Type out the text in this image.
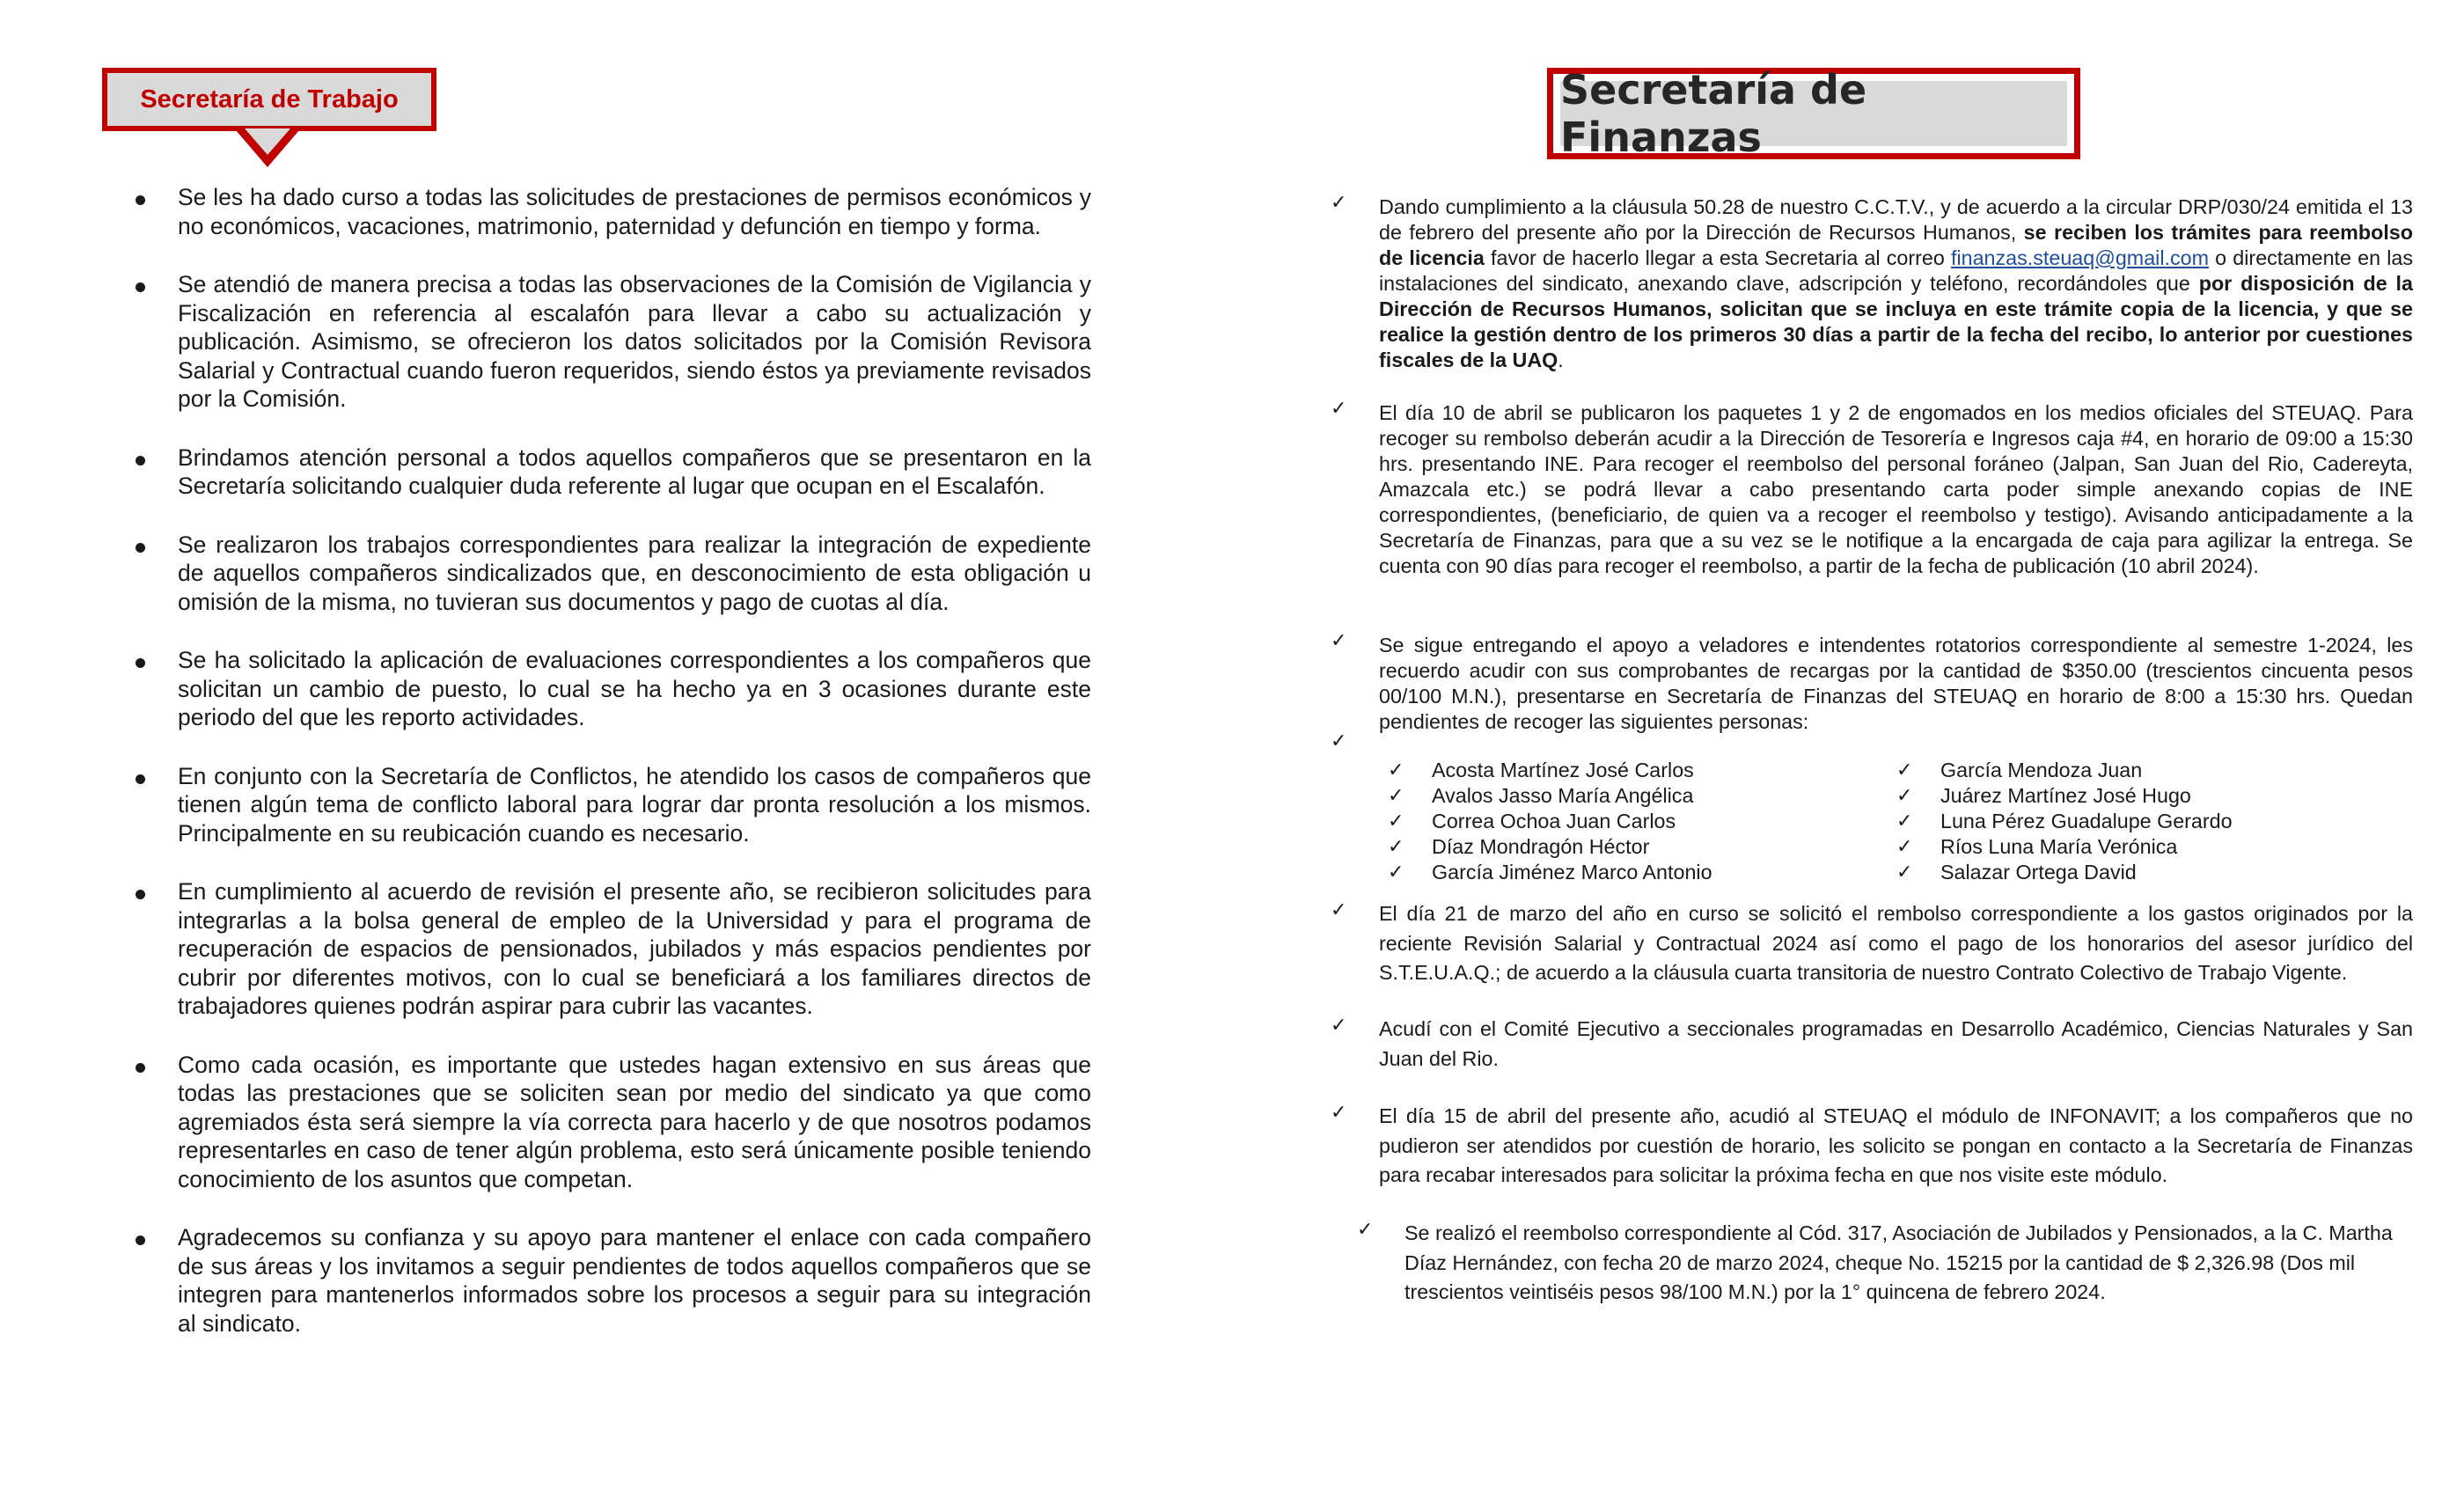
Secretaría de Trabajo
Se les ha dado curso a todas las solicitudes de prestaciones de permisos económicos y no económicos, vacaciones, matrimonio, paternidad y defunción en tiempo y forma.
Se atendió de manera precisa a todas las observaciones de la Comisión de Vigilancia y Fiscalización en referencia al escalafón para llevar a cabo su actualización y publicación. Asimismo, se ofrecieron los datos solicitados por la Comisión Revisora Salarial y Contractual cuando fueron requeridos, siendo éstos ya previamente revisados por la Comisión.
Brindamos atención personal a todos aquellos compañeros que se presentaron en la Secretaría solicitando cualquier duda referente al lugar que ocupan en el Escalafón.
Se realizaron los trabajos correspondientes para realizar la integración de expediente de aquellos compañeros sindicalizados que, en desconocimiento de esta obligación u omisión de la misma, no tuvieran sus documentos y pago de cuotas al día.
Se ha solicitado la aplicación de evaluaciones correspondientes a los compañeros que solicitan un cambio de puesto, lo cual se ha hecho ya en 3 ocasiones durante este periodo del que les reporto actividades.
En conjunto con la Secretaría de Conflictos, he atendido los casos de compañeros que tienen algún tema de conflicto laboral para lograr dar pronta resolución a los mismos. Principalmente en su reubicación cuando es necesario.
En cumplimiento al acuerdo de revisión el presente año, se recibieron solicitudes para integrarlas a la bolsa general de empleo de la Universidad y para el programa de recuperación de espacios de pensionados, jubilados y más espacios pendientes por cubrir por diferentes motivos, con lo cual se beneficiará a los familiares directos de trabajadores quienes podrán aspirar para cubrir las vacantes.
Como cada ocasión, es importante que ustedes hagan extensivo en sus áreas que todas las prestaciones que se soliciten sean por medio del sindicato ya que como agremiados ésta será siempre la vía correcta para hacerlo y de que nosotros podamos representarles en caso de tener algún problema, esto será únicamente posible teniendo conocimiento de los asuntos que competan.
Agradecemos su confianza y su apoyo para mantener el enlace con cada compañero de sus áreas y los invitamos a seguir pendientes de todos aquellos compañeros que se integren para mantenerlos informados sobre los procesos a seguir para su integración al sindicato.
Secretaría de Finanzas
✓ Dando cumplimiento a la cláusula 50.28 de nuestro C.C.T.V., y de acuerdo a la circular DRP/030/24 emitida el 13 de febrero del presente año por la Dirección de Recursos Humanos, se reciben los trámites para reembolso de licencia favor de hacerlo llegar a esta Secretaria al correo finanzas.steuaq@gmail.com o directamente en las instalaciones del sindicato, anexando clave, adscripción y teléfono, recordándoles que por disposición de la Dirección de Recursos Humanos, solicitan que se incluya en este trámite copia de la licencia, y que se realice la gestión dentro de los primeros 30 días a partir de la fecha del recibo, lo anterior por cuestiones fiscales de la UAQ.
✓ El día 10 de abril se publicaron los paquetes 1 y 2 de engomados en los medios oficiales del STEUAQ. Para recoger su rembolso deberán acudir a la Dirección de Tesorería e Ingresos caja #4, en horario de 09:00 a 15:30 hrs. presentando INE. Para recoger el reembolso del personal foráneo (Jalpan, San Juan del Rio, Cadereyta, Amazcala etc.) se podrá llevar a cabo presentando carta poder simple anexando copias de INE correspondientes, (beneficiario, de quien va a recoger el reembolso y testigo). Avisando anticipadamente a la Secretaría de Finanzas, para que a su vez se le notifique a la encargada de caja para agilizar la entrega. Se cuenta con 90 días para recoger el reembolso, a partir de la fecha de publicación (10 abril 2024).
✓ Se sigue entregando el apoyo a veladores e intendentes rotatorios correspondiente al semestre 1-2024, les recuerdo acudir con sus comprobantes de recargas por la cantidad de $350.00 (trescientos cincuenta pesos 00/100 M.N.), presentarse en Secretaría de Finanzas del STEUAQ en horario de 8:00 a 15:30 hrs. Quedan pendientes de recoger las siguientes personas:
✓
✓ Acosta Martínez José Carlos
✓ Avalos Jasso María Angélica
✓ Correa Ochoa Juan Carlos
✓ Díaz Mondragón Héctor
✓ García Jiménez Marco Antonio
✓ García Mendoza Juan
✓ Juárez Martínez José Hugo
✓ Luna Pérez Guadalupe Gerardo
✓ Ríos Luna María Verónica
✓ Salazar Ortega David
✓ El día 21 de marzo del año en curso se solicitó el rembolso correspondiente a los gastos originados por la reciente Revisión Salarial y Contractual 2024 así como el pago de los honorarios del asesor jurídico del S.T.E.U.A.Q.; de acuerdo a la cláusula cuarta transitoria de nuestro Contrato Colectivo de Trabajo Vigente.
✓ Acudí con el Comité Ejecutivo a seccionales programadas en Desarrollo Académico, Ciencias Naturales y San Juan del Rio.
✓ El día 15 de abril del presente año, acudió al STEUAQ el módulo de INFONAVIT; a los compañeros que no pudieron ser atendidos por cuestión de horario, les solicito se pongan en contacto a la Secretaría de Finanzas para recabar interesados para solicitar la próxima fecha en que nos visite este módulo.
✓ Se realizó el reembolso correspondiente al Cód. 317, Asociación de Jubilados y Pensionados, a la C. Martha Díaz Hernández, con fecha 20 de marzo 2024, cheque No. 15215 por la cantidad de $ 2,326.98 (Dos mil trescientos veintiséis pesos 98/100 M.N.) por la 1° quincena de febrero 2024.
